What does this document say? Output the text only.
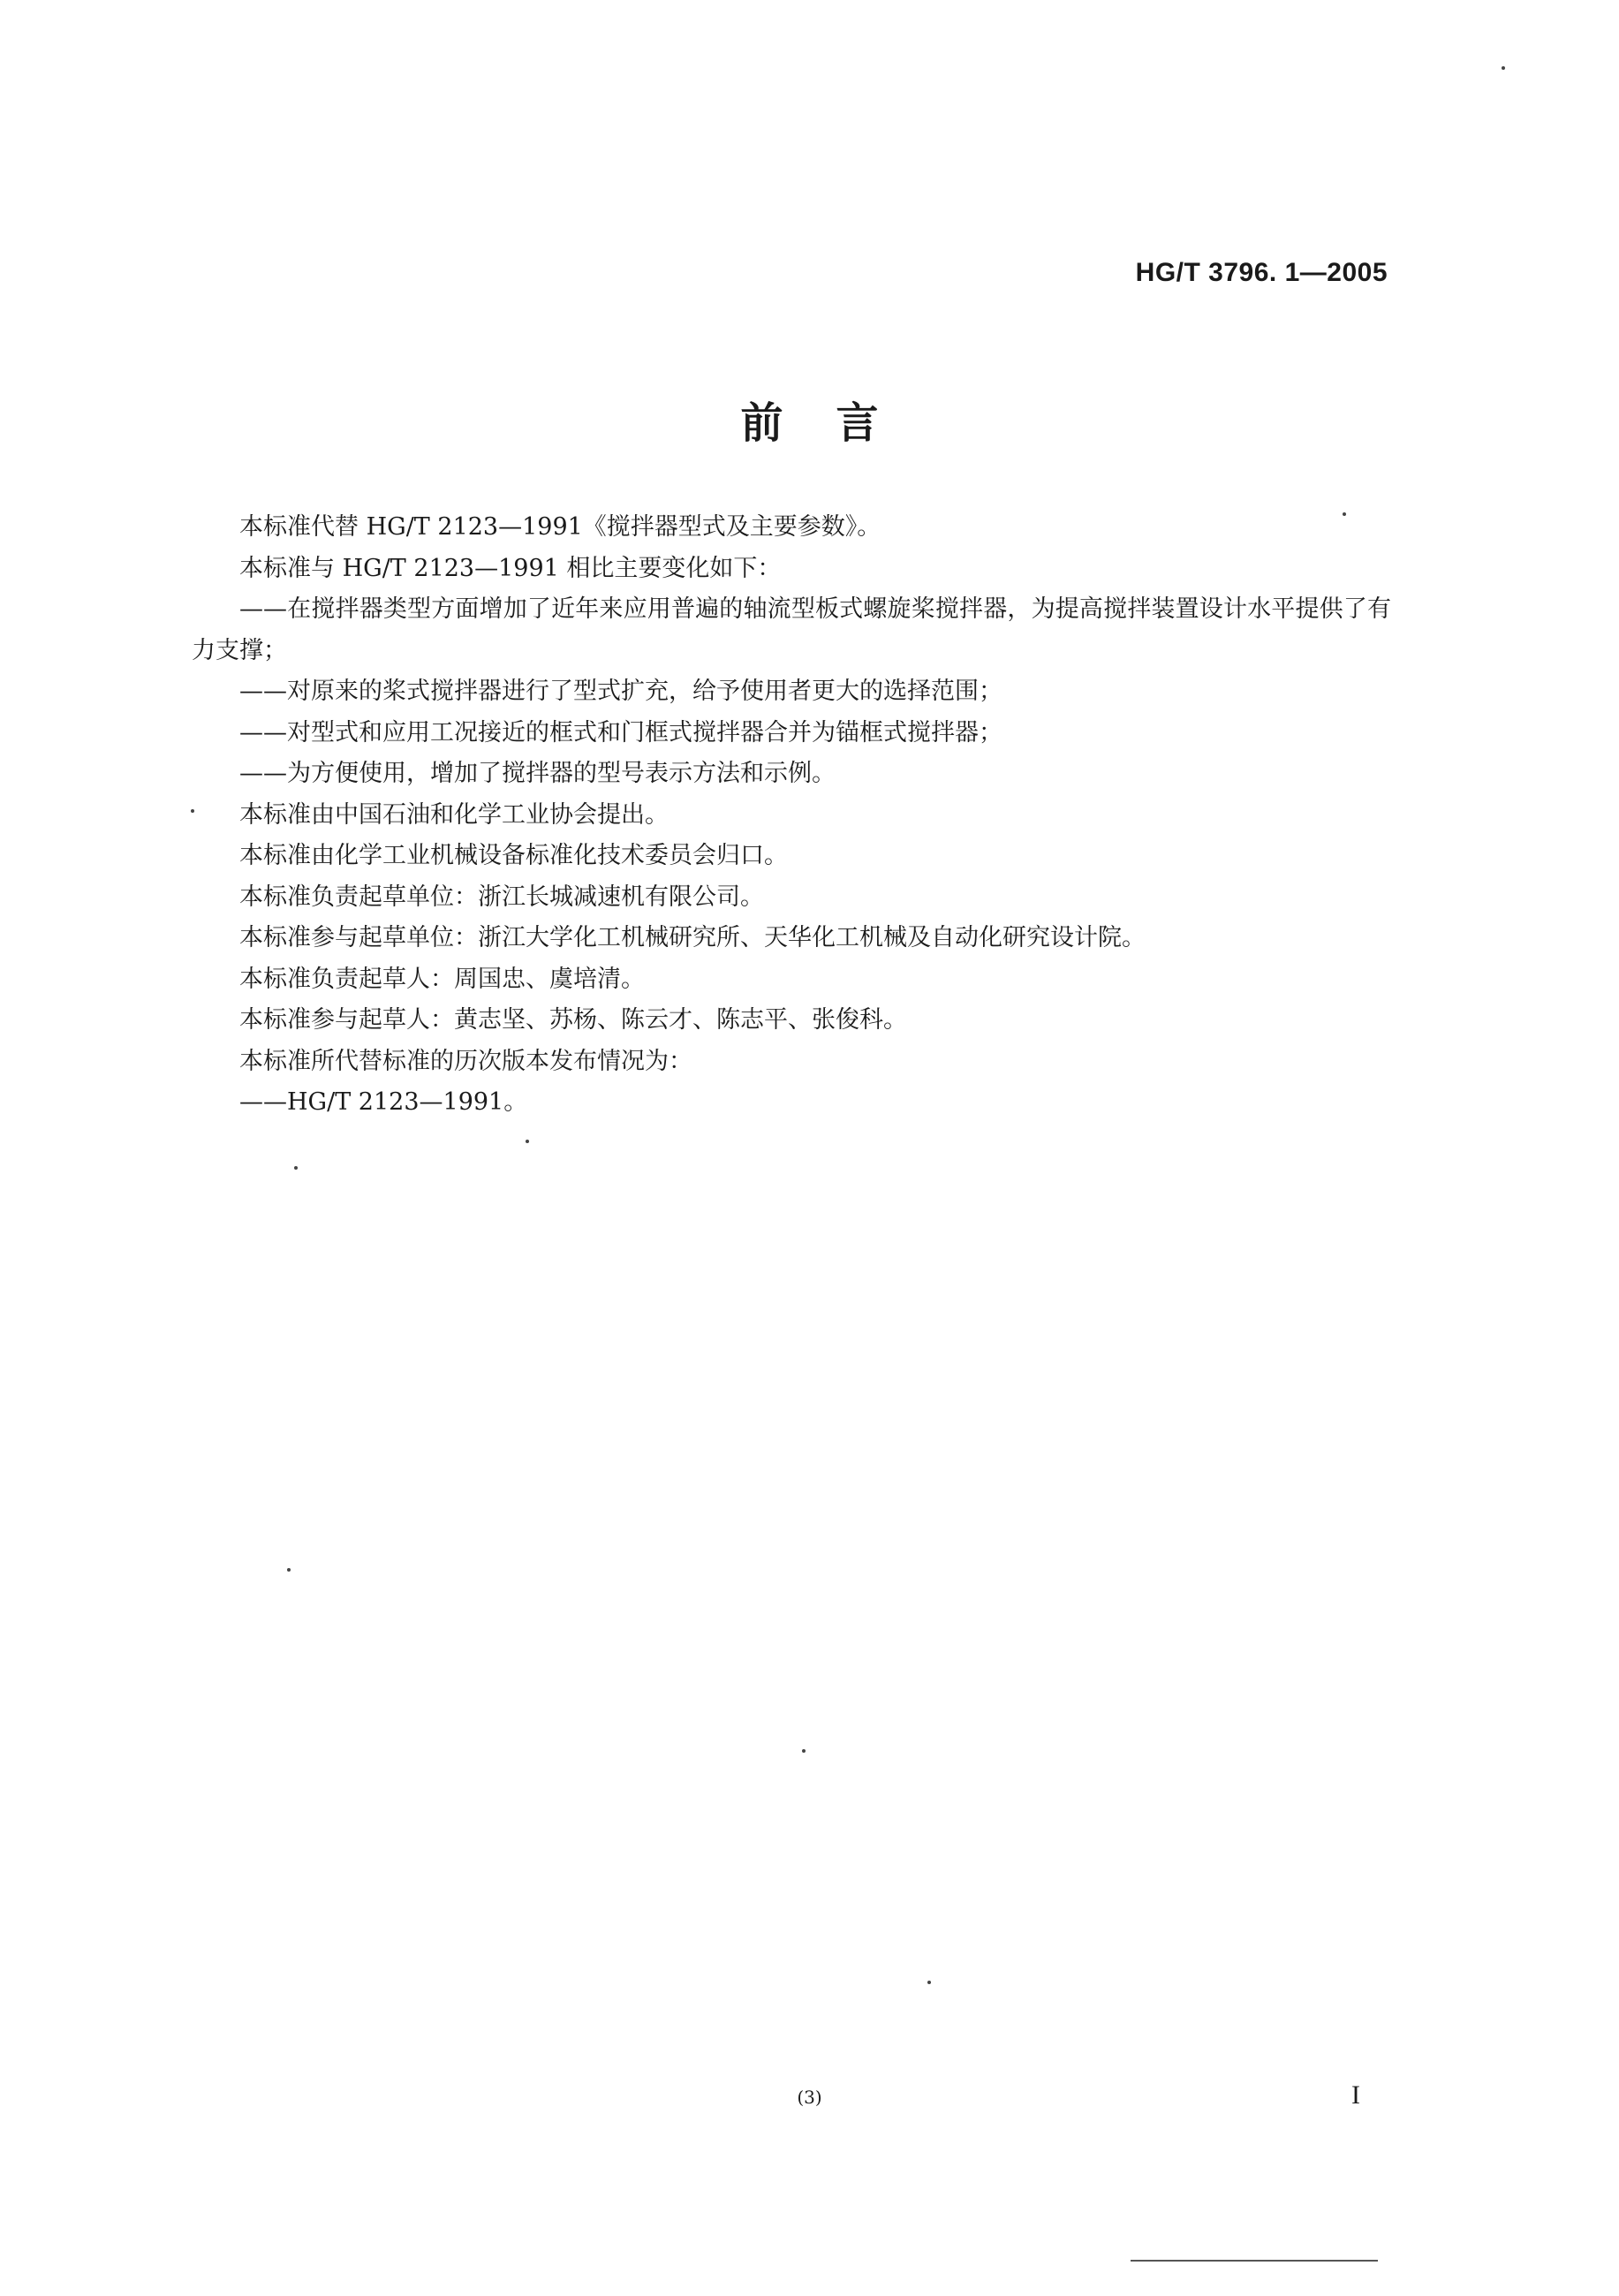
HG/T 3796. 1—2005
前言

本标准代替 HG/T 2123—1991《搅拌器型式及主要参数》。

本标准与 HG/T 2123—1991 相比主要变化如下：

——在搅拌器类型方面增加了近年来应用普遍的轴流型板式螺旋桨搅拌器，为提高搅拌装置设计水平提供了有力支撑；

——对原来的桨式搅拌器进行了型式扩充，给予使用者更大的选择范围；

——对型式和应用工况接近的框式和门框式搅拌器合并为锚框式搅拌器；

——为方便使用，增加了搅拌器的型号表示方法和示例。

本标准由中国石油和化学工业协会提出。

本标准由化学工业机械设备标准化技术委员会归口。

本标准负责起草单位：浙江长城减速机有限公司。

本标准参与起草单位：浙江大学化工机械研究所、天华化工机械及自动化研究设计院。

本标准负责起草人：周国忠、虞培清。

本标准参与起草人：黄志坚、苏杨、陈云才、陈志平、张俊科。

本标准所代替标准的历次版本发布情况为：

——HG/T 2123—1991。

(3)	I
